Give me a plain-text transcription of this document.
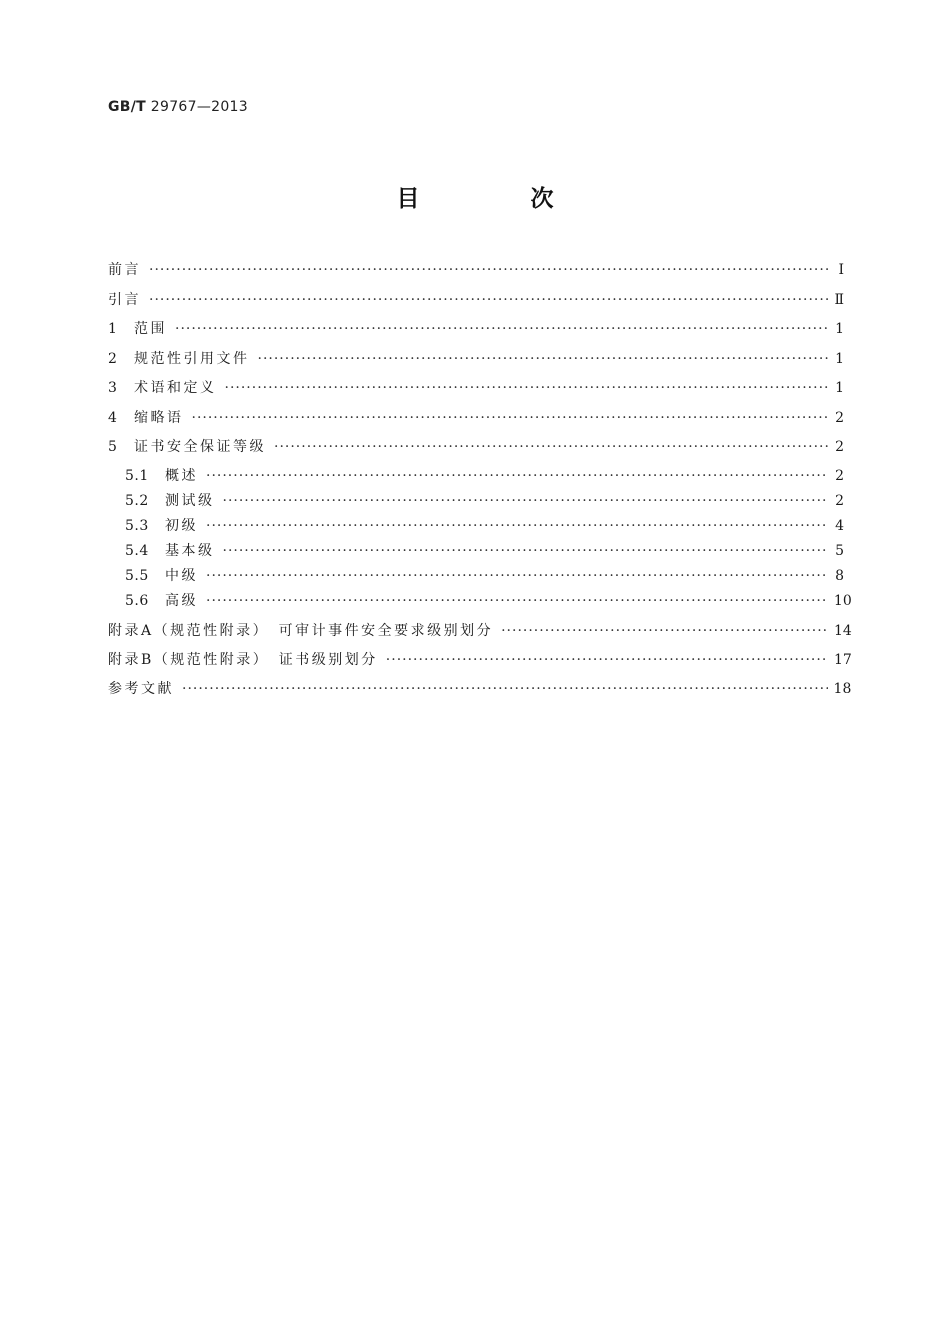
GB/T 29767—2013
目　次
前言 ·····	Ⅰ
引言 ·····	Ⅱ
1	范围 ·····	1
2	规范性引用文件 ·····	1
3	术语和定义 ·····	1
4	缩略语 ·····	2
5	证书安全保证等级 ·····	2
5.1	概述 ·····	2
5.2	测试级 ·····	2
5.3	初级 ·····	4
5.4	基本级 ·····	5
5.5	中级 ·····	8
5.6	高级 ·····	10
附录A（规范性附录）　可审计事件安全要求级别划分 ·····	14
附录B（规范性附录）　证书级别划分 ·····	17
参考文献 ·····	18
